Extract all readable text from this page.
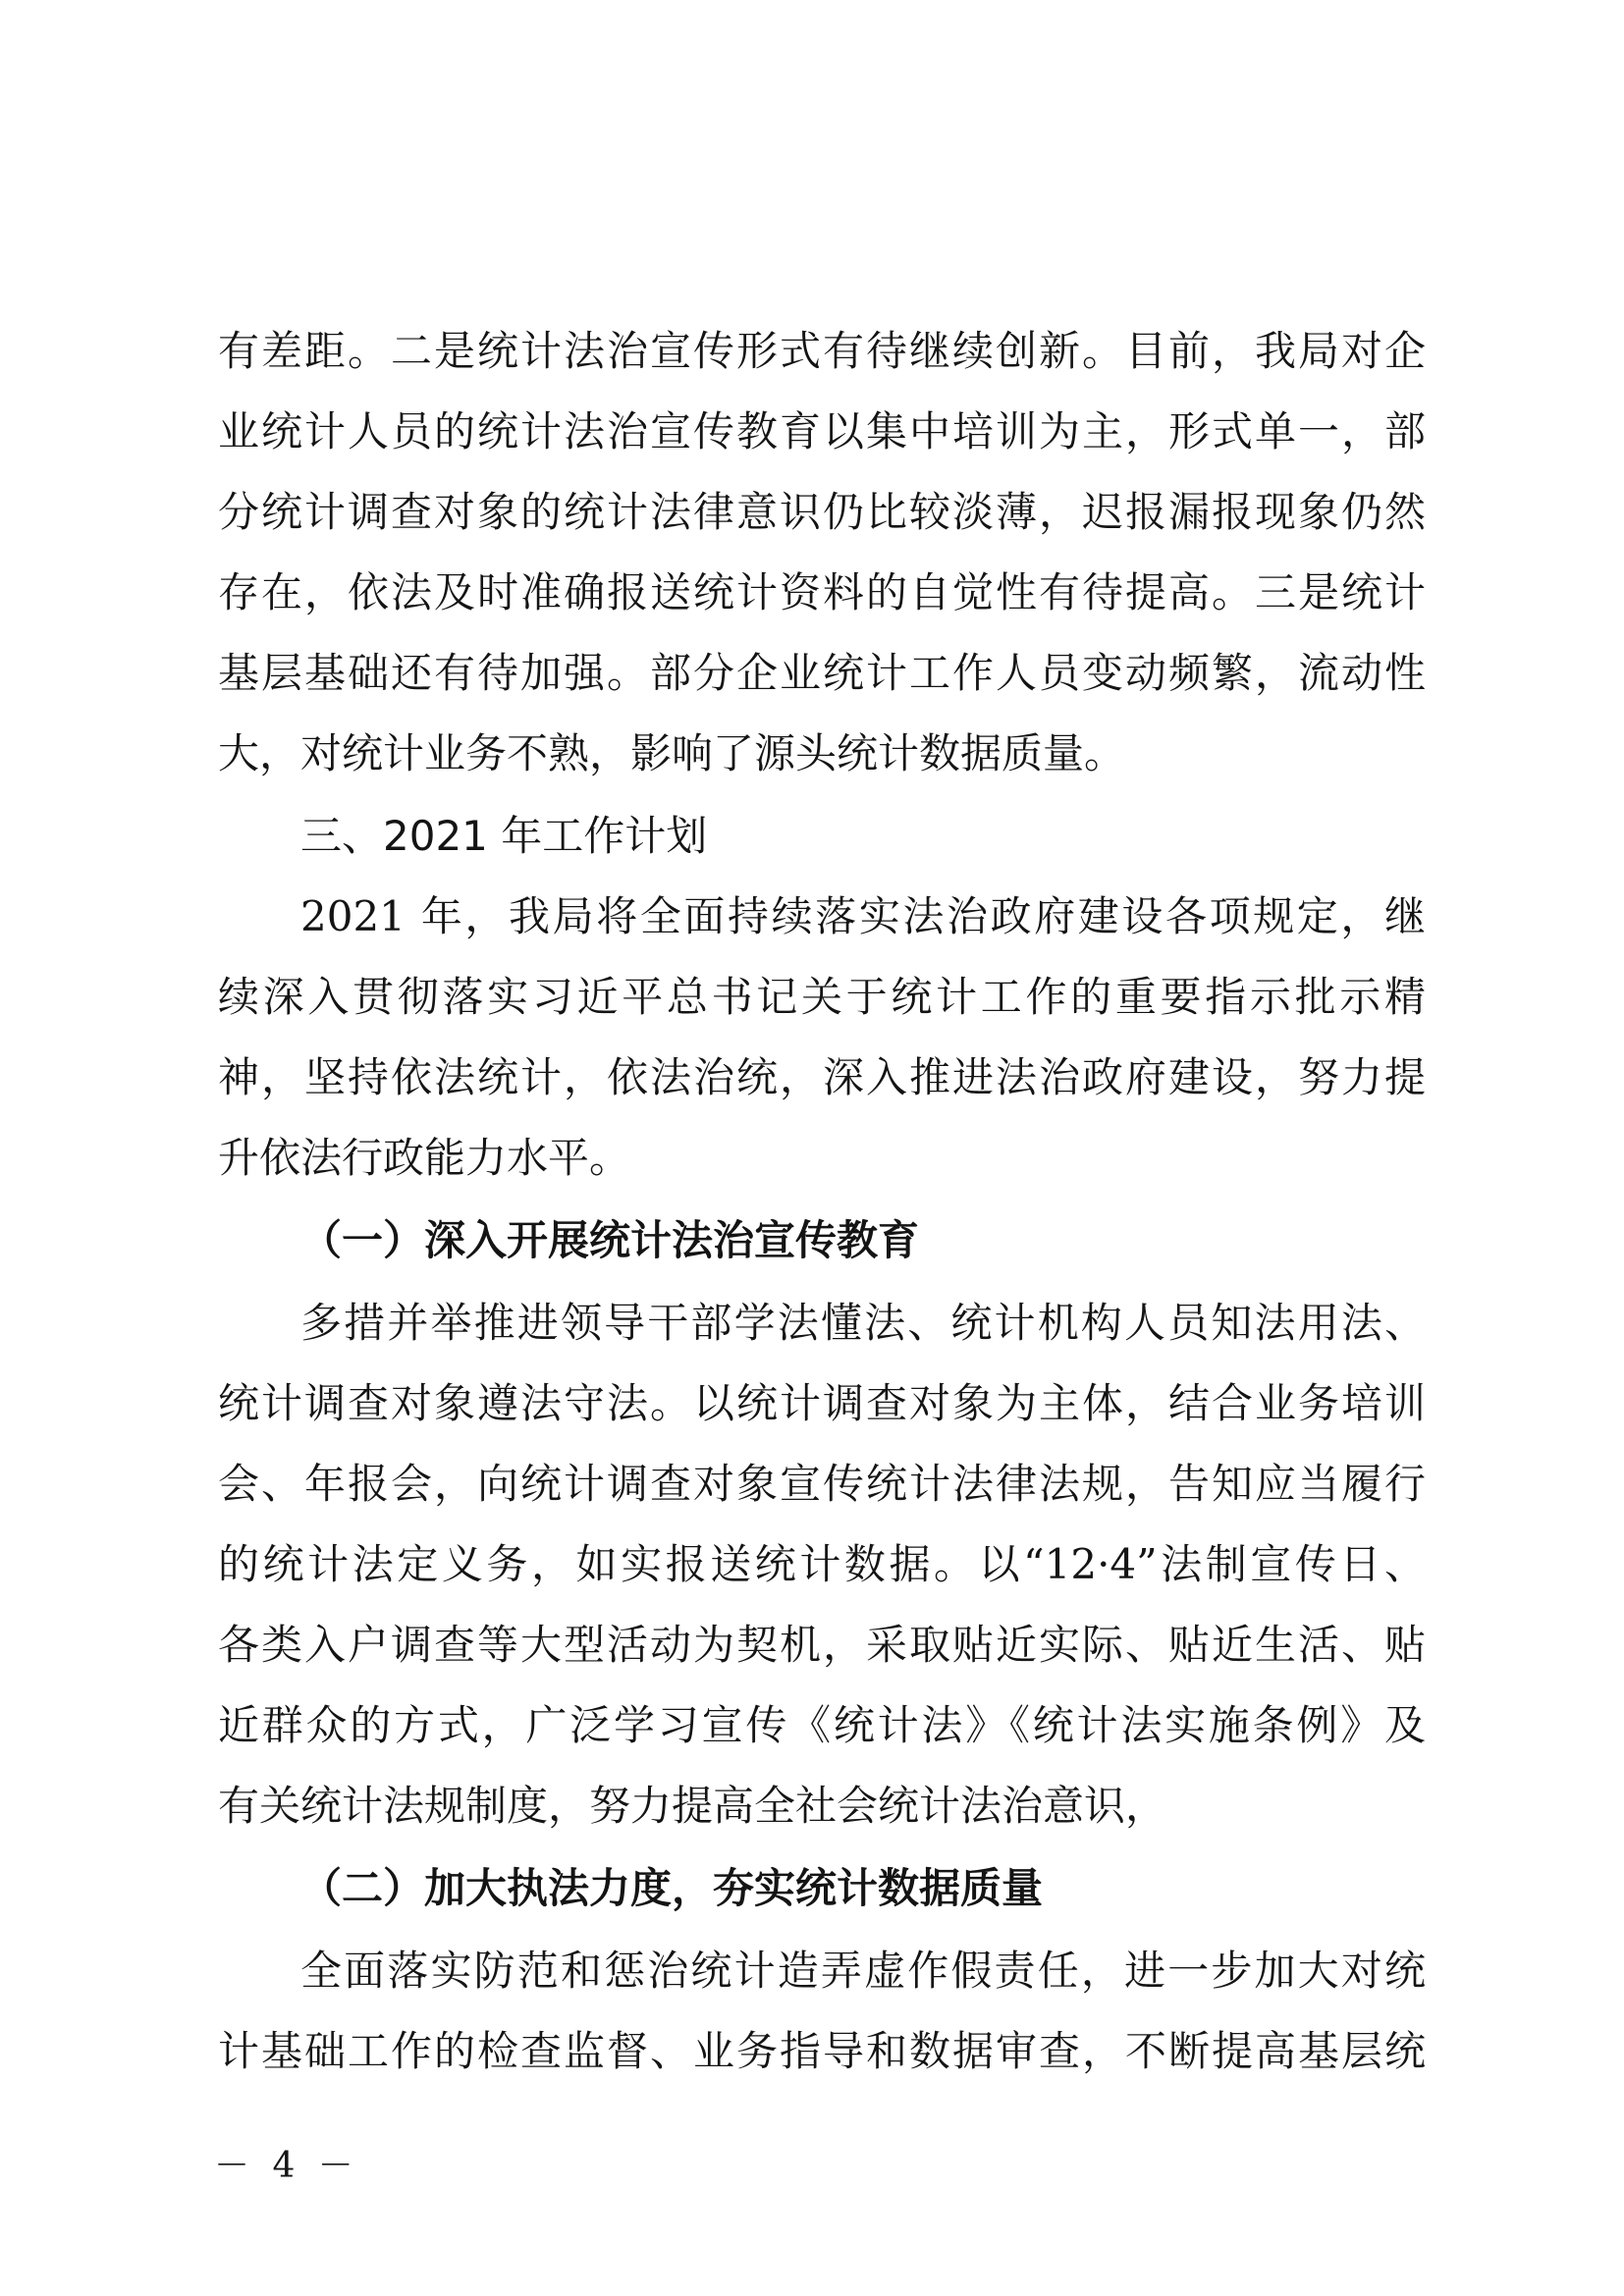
有差距。二是统计法治宣传形式有待继续创新。目前，我局对企
业统计人员的统计法治宣传教育以集中培训为主，形式单一，部
分统计调查对象的统计法律意识仍比较淡薄，迟报漏报现象仍然
存在，依法及时准确报送统计资料的自觉性有待提高。三是统计
基层基础还有待加强。部分企业统计工作人员变动频繁，流动性
大，对统计业务不熟，影响了源头统计数据质量。
三、2021 年工作计划
2021 年，我局将全面持续落实法治政府建设各项规定，继
续深入贯彻落实习近平总书记关于统计工作的重要指示批示精
神，坚持依法统计，依法治统，深入推进法治政府建设，努力提
升依法行政能力水平。
（一）深入开展统计法治宣传教育
多措并举推进领导干部学法懂法、统计机构人员知法用法、
统计调查对象遵法守法。以统计调查对象为主体，结合业务培训
会、年报会，向统计调查对象宣传统计法律法规，告知应当履行
的统计法定义务，如实报送统计数据。以“12·4”法制宣传日、
各类入户调查等大型活动为契机，采取贴近实际、贴近生活、贴
近群众的方式，广泛学习宣传《统计法》《统计法实施条例》及
有关统计法规制度，努力提高全社会统计法治意识，
（二）加大执法力度，夯实统计数据质量
全面落实防范和惩治统计造弄虚作假责任，进一步加大对统
计基础工作的检查监督、业务指导和数据审查，不断提高基层统
－ 4 －
